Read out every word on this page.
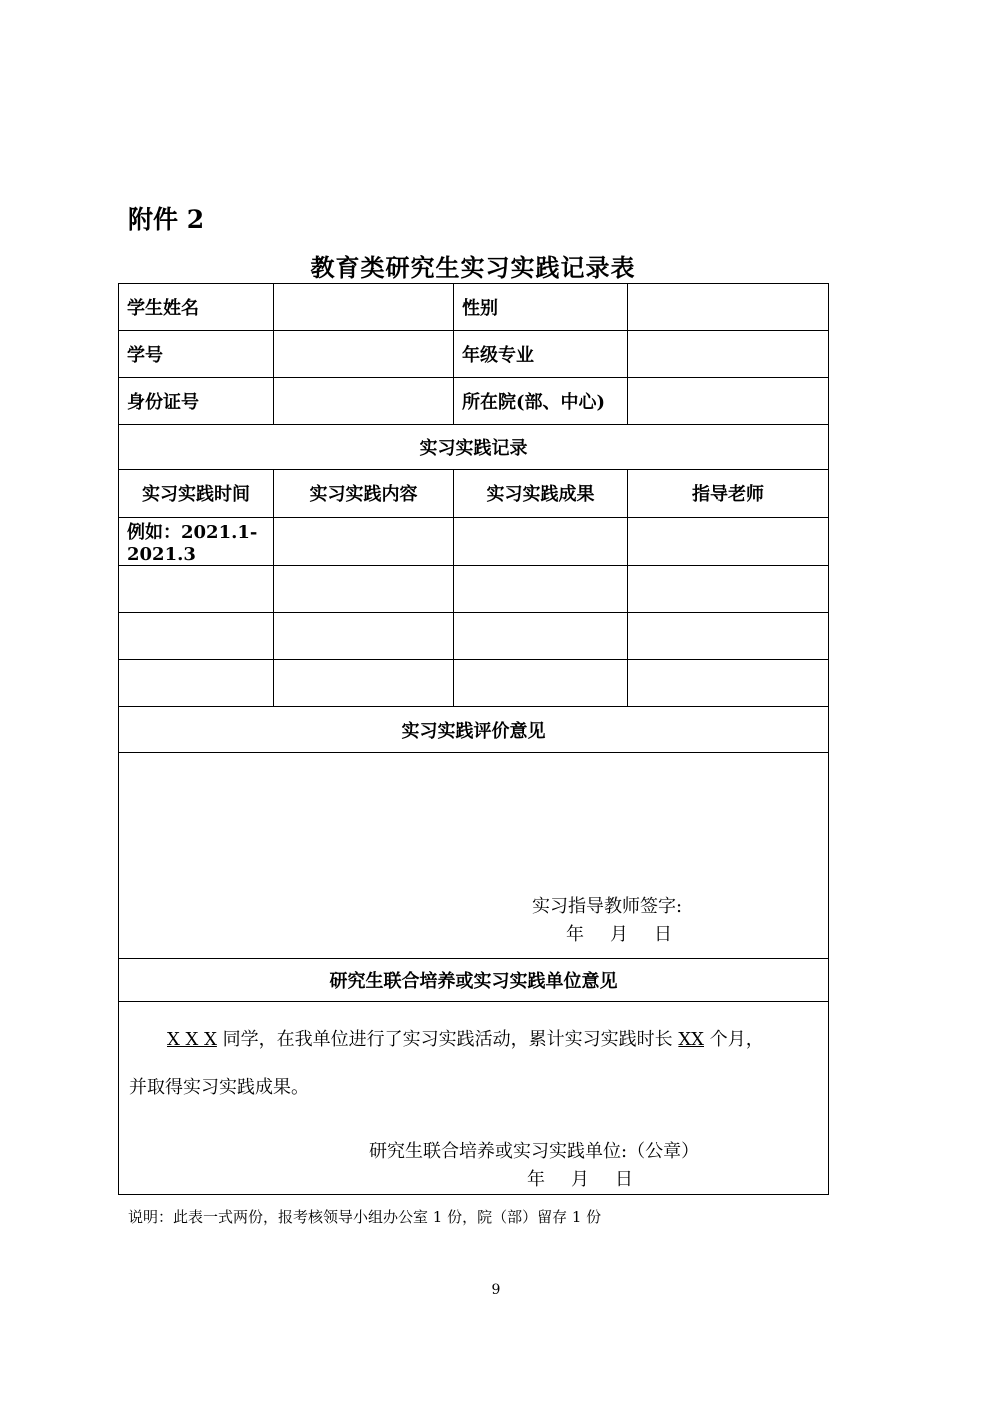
附件 2
教育类研究生实习实践记录表
学生姓名		性别	
学号		年级专业	
身份证号		所在院(部、中心)	
实习实践记录			
实习实践时间	实习实践内容	实习实践成果	指导老师
例如：2021.1-2021.3			

实习实践评价意见			

实习指导教师签字:
年 月 日			

研究生联合培养或实习实践单位意见			

X X X 同学，在我单位进行了实习实践活动，累计实习实践时长 XX 个月，
并取得实习实践成果。
研究生联合培养或实习实践单位:（公章）
年 月 日			
说明：此表一式两份，报考核领导小组办公室 1 份，院（部）留存 1 份
9
